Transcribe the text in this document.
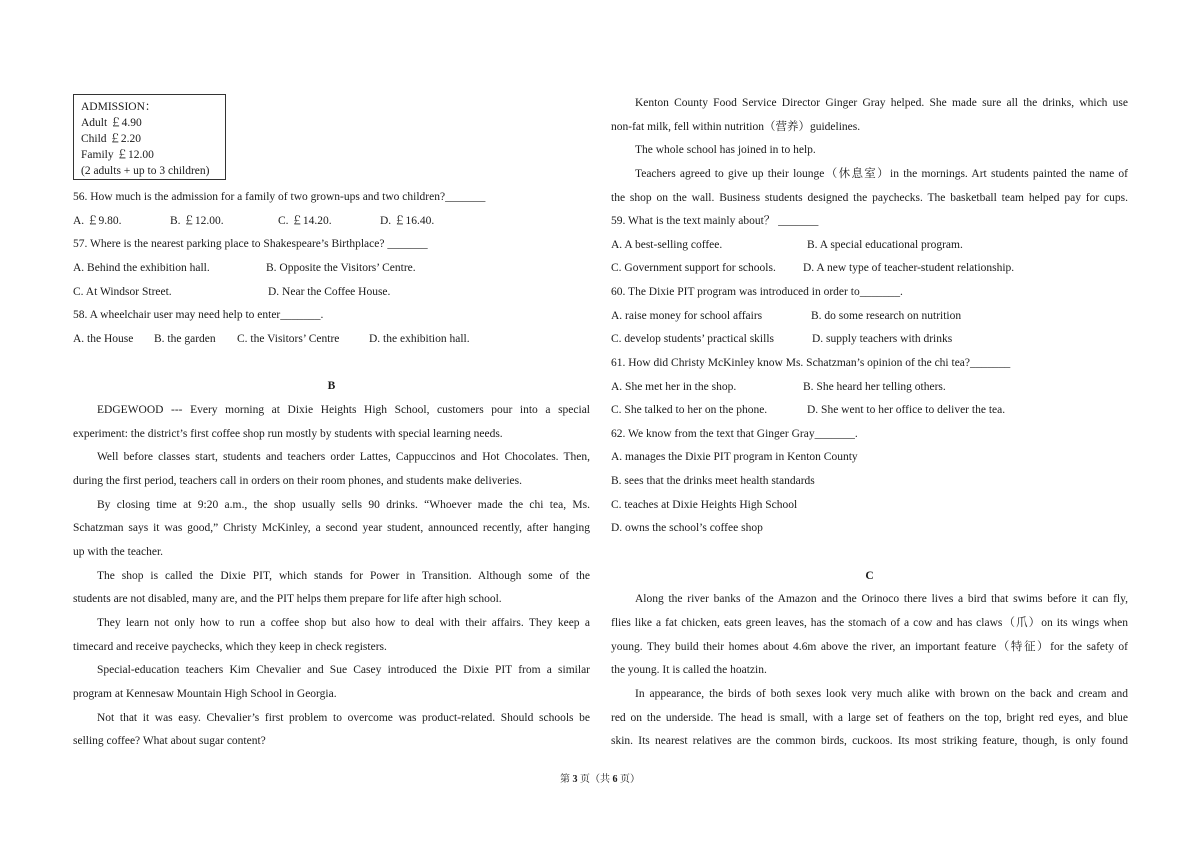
ADMISSION：
Adult ￡4.90
Child ￡2.20
Family ￡12.00
(2 adults + up to 3 children)
56. How much is the admission for a family of two grown-ups and two children?_______
A. ￡9.80.	B. ￡12.00.	C. ￡14.20.	D. ￡16.40.
57. Where is the nearest parking place to Shakespeare’s Birthplace? _______
A. Behind the exhibition hall.	B. Opposite the Visitors’ Centre.
C. At Windsor Street.	D. Near the Coffee House.
58. A wheelchair user may need help to enter_______.
A. the House B. the garden C. the Visitors’ Centre	D. the exhibition hall.
B
EDGEWOOD --- Every morning at Dixie Heights High School, customers pour into a special
experiment: the district’s first coffee shop run mostly by students with special learning needs.
Well before classes start, students and teachers order Lattes, Cappuccinos and Hot Chocolates. Then,
during the first period, teachers call in orders on their room phones, and students make deliveries.
By closing time at 9:20 a.m., the shop usually sells 90 drinks. “Whoever made the chi tea, Ms.
Schatzman says it was good,” Christy McKinley, a second year student, announced recently, after hanging
up with the teacher.
The shop is called the Dixie PIT, which stands for Power in Transition. Although some of the
students are not disabled, many are, and the PIT helps them prepare for life after high school.
They learn not only how to run a coffee shop but also how to deal with their affairs. They keep a
timecard and receive paychecks, which they keep in check registers.
Special-education teachers Kim Chevalier and Sue Casey introduced the Dixie PIT from a similar
program at Kennesaw Mountain High School in Georgia.
Not that it was easy. Chevalier’s first problem to overcome was product-related. Should schools be
selling coffee? What about sugar content?
Kenton County Food Service Director Ginger Gray helped. She made sure all the drinks, which use
non-fat milk, fell within nutrition（营养）guidelines.
The whole school has joined in to help.
Teachers agreed to give up their lounge（休息室）in the mornings. Art students painted the name of
the shop on the wall. Business students designed the paychecks. The basketball team helped pay for cups.
59. What is the text mainly about？ _______
A. A best-selling coffee.	B. A special educational program.
C. Government support for schools. D. A new type of teacher-student relationship.
60. The Dixie PIT program was introduced in order to_______.
A. raise money for school affairs	B. do some research on nutrition
C. develop students’ practical skills	D. supply teachers with drinks
61. How did Christy McKinley know Ms. Schatzman’s opinion of the chi tea?_______
A. She met her in the shop.	B. She heard her telling others.
C. She talked to her on the phone.	D. She went to her office to deliver the tea.
62. We know from the text that Ginger Gray_______.
A. manages the Dixie PIT program in Kenton County
B. sees that the drinks meet health standards
C. teaches at Dixie Heights High School
D. owns the school’s coffee shop
C
Along the river banks of the Amazon and the Orinoco there lives a bird that swims before it can fly,
flies like a fat chicken, eats green leaves, has the stomach of a cow and has claws（爪）on its wings when
young. They build their homes about 4.6m above the river, an important feature（特征）for the safety of
the young. It is called the hoatzin.
In appearance, the birds of both sexes look very much alike with brown on the back and cream and
red on the underside. The head is small, with a large set of feathers on the top, bright red eyes, and blue
skin. Its nearest relatives are the common birds, cuckoos. Its most striking feature, though, is only found
第 3 页（共 6 页）
